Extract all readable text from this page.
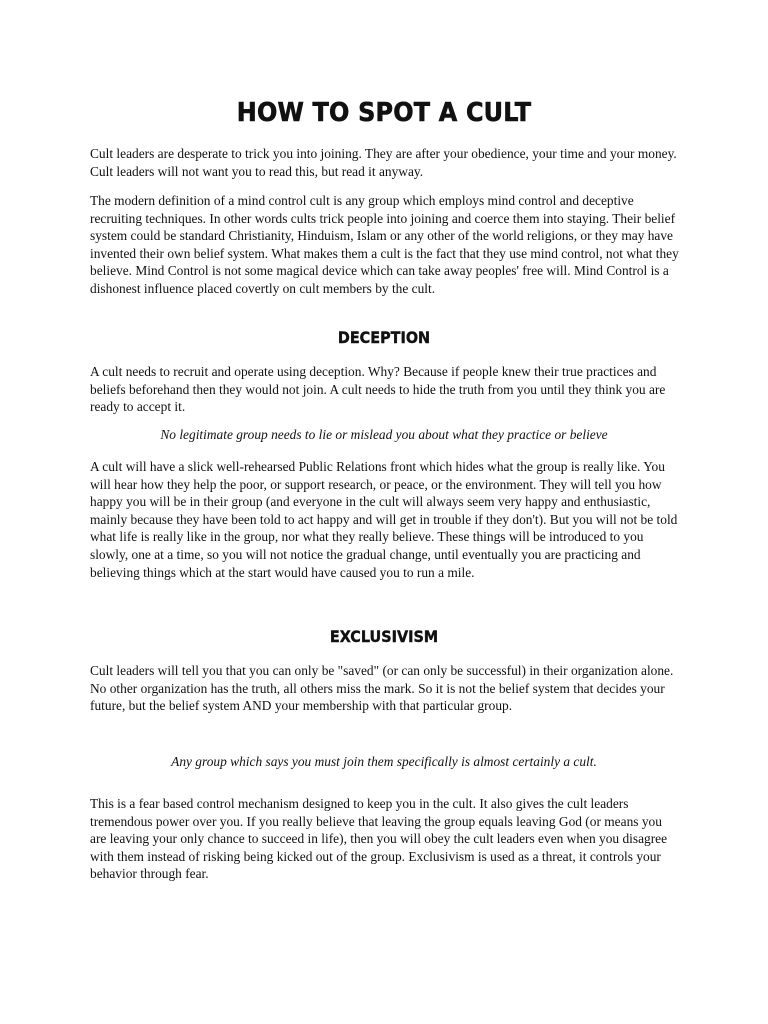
HOW TO SPOT A CULT

Cult leaders are desperate to trick you into joining. They are after your obedience, your time and your money. Cult leaders will not want you to read this, but read it anyway.

The modern definition of a mind control cult is any group which employs mind control and deceptive recruiting techniques. In other words cults trick people into joining and coerce them into staying. Their belief system could be standard Christianity, Hinduism, Islam or any other of the world religions, or they may have invented their own belief system. What makes them a cult is the fact that they use mind control, not what they believe. Mind Control is not some magical device which can take away peoples' free will. Mind Control is a dishonest influence placed covertly on cult members by the cult.

DECEPTION

A cult needs to recruit and operate using deception. Why? Because if people knew their true practices and beliefs beforehand then they would not join. A cult needs to hide the truth from you until they think you are ready to accept it.

No legitimate group needs to lie or mislead you about what they practice or believe

A cult will have a slick well-rehearsed Public Relations front which hides what the group is really like. You will hear how they help the poor, or support research, or peace, or the environment. They will tell you how happy you will be in their group (and everyone in the cult will always seem very happy and enthusiastic, mainly because they have been told to act happy and will get in trouble if they don't). But you will not be told what life is really like in the group, nor what they really believe. These things will be introduced to you slowly, one at a time, so you will not notice the gradual change, until eventually you are practicing and believing things which at the start would have caused you to run a mile.

EXCLUSIVISM

Cult leaders will tell you that you can only be "saved" (or can only be successful) in their organization alone. No other organization has the truth, all others miss the mark. So it is not the belief system that decides your future, but the belief system AND your membership with that particular group.

Any group which says you must join them specifically is almost certainly a cult.

This is a fear based control mechanism designed to keep you in the cult. It also gives the cult leaders tremendous power over you. If you really believe that leaving the group equals leaving God (or means you are leaving your only chance to succeed in life), then you will obey the cult leaders even when you disagree with them instead of risking being kicked out of the group. Exclusivism is used as a threat, it controls your behavior through fear.
